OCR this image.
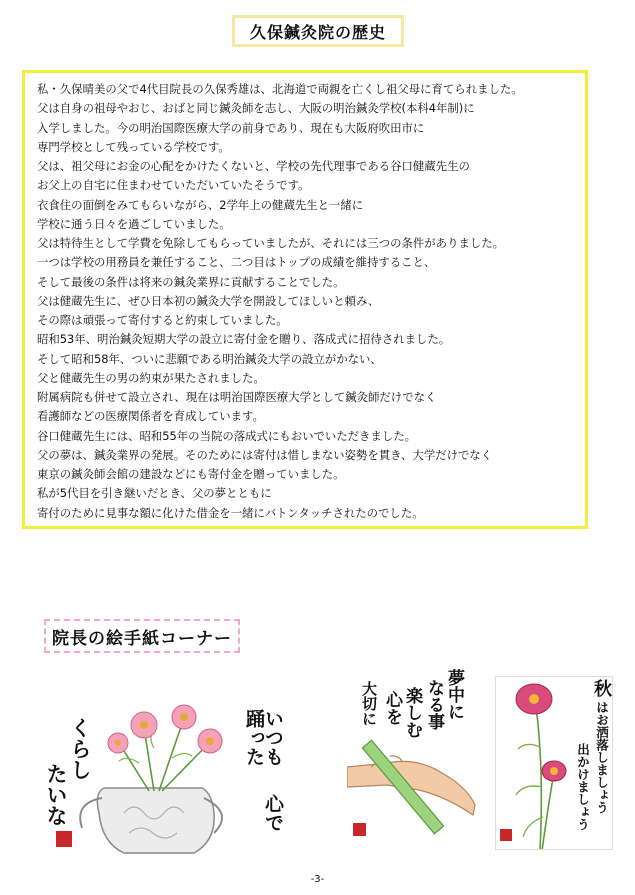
久保鍼灸院の歴史
私・久保晴美の父で4代目院長の久保秀雄は、北海道で両親を亡くし祖父母に育てられました。
父は自身の祖母やおじ、おばと同じ鍼灸師を志し、大阪の明治鍼灸学校(本科4年制)に
入学しました。今の明治国際医療大学の前身であり、現在も大阪府吹田市に
専門学校として残っている学校です。
父は、祖父母にお金の心配をかけたくないと、学校の先代理事である谷口健蔵先生の
お父上の自宅に住まわせていただいていたそうです。
衣食住の面倒をみてもらいながら、2学年上の健蔵先生と一緒に
学校に通う日々を過ごしていました。
父は特待生として学費を免除してもらっていましたが、それには三つの条件がありました。
一つは学校の用務員を兼任すること、二つ目はトップの成績を維持すること、
そして最後の条件は将来の鍼灸業界に貢献することでした。
父は健蔵先生に、ぜひ日本初の鍼灸大学を開設してほしいと頼み、
その際は頑張って寄付すると約束していました。
昭和53年、明治鍼灸短期大学の設立に寄付金を贈り、落成式に招待されました。
そして昭和58年、ついに悲願である明治鍼灸大学の設立がかない、
父と健蔵先生の男の約束が果たされました。
附属病院も併せて設立され、現在は明治国際医療大学として鍼灸師だけでなく
看護師などの医療関係者を育成しています。
谷口健蔵先生には、昭和55年の当院の落成式にもおいでいただきました。
父の夢は、鍼灸業界の発展。そのためには寄付は惜しまない姿勢を貫き、大学だけでなく
東京の鍼灸師会館の建設などにも寄付金を贈っていました。
私が5代目を引き継いだとき、父の夢とともに
寄付のために見事な額に化けた借金を一緒にバトンタッチされたのでした。
院長の絵手紙コーナー
くらし
たいな
いつも踊った心で
夢中に
なる事
楽しむ
心を
大切に	秋
はお洒落しましょう
出かけましょう
-3-
